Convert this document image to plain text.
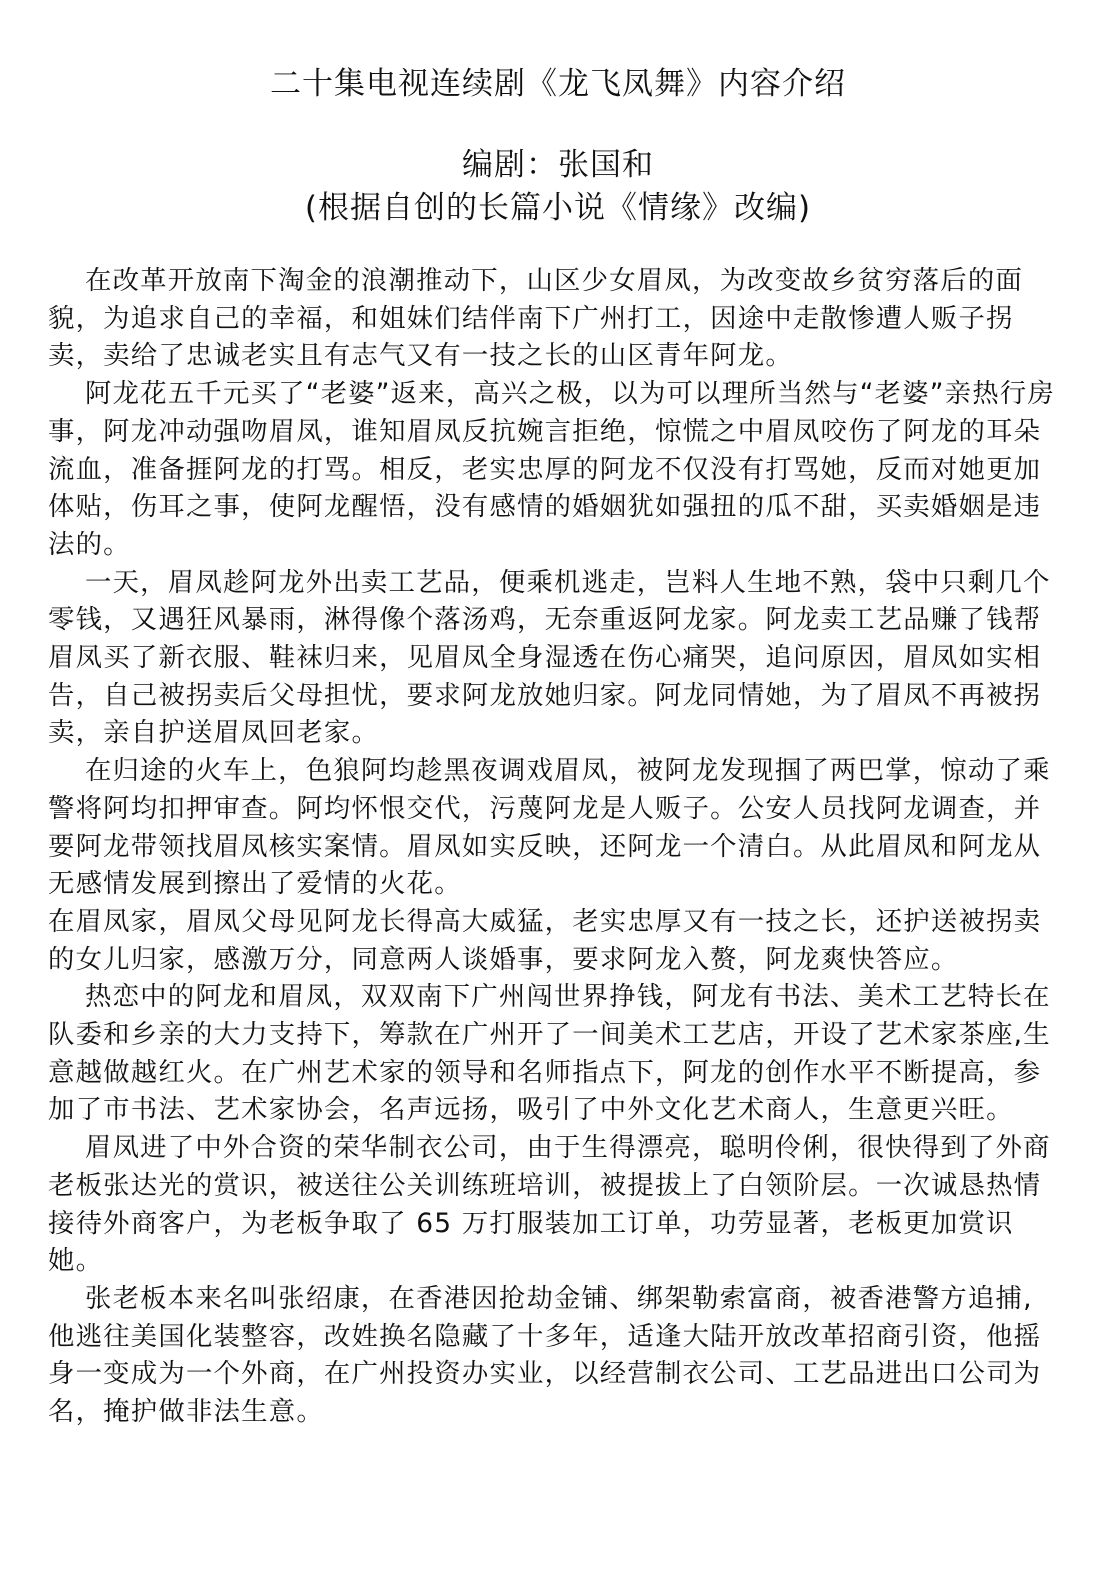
二十集电视连续剧《龙飞凤舞》内容介绍
编剧：张国和
(根据自创的长篇小说《情缘》改编)

在改革开放南下淘金的浪潮推动下，山区少女眉凤，为改变故乡贫穷落后的面貌，为追求自己的幸福，和姐妹们结伴南下广州打工，因途中走散惨遭人贩子拐卖，卖给了忠诚老实且有志气又有一技之长的山区青年阿龙。

阿龙花五千元买了“老婆”返来，高兴之极，以为可以理所当然与“老婆”亲热行房事，阿龙冲动强吻眉凤，谁知眉凤反抗婉言拒绝，惊慌之中眉凤咬伤了阿龙的耳朵流血，准备捱阿龙的打骂。相反，老实忠厚的阿龙不仅没有打骂她，反而对她更加体贴，伤耳之事，使阿龙醒悟，没有感情的婚姻犹如强扭的瓜不甜，买卖婚姻是违法的。

一天，眉凤趁阿龙外出卖工艺品，便乘机逃走，岂料人生地不熟，袋中只剩几个零钱，又遇狂风暴雨，淋得像个落汤鸡，无奈重返阿龙家。阿龙卖工艺品赚了钱帮眉凤买了新衣服、鞋袜归来，见眉凤全身湿透在伤心痛哭，追问原因，眉凤如实相告，自己被拐卖后父母担忧，要求阿龙放她归家。阿龙同情她，为了眉凤不再被拐卖，亲自护送眉凤回老家。

在归途的火车上，色狼阿均趁黑夜调戏眉凤，被阿龙发现掴了两巴掌，惊动了乘警将阿均扣押审查。阿均怀恨交代，污蔑阿龙是人贩子。公安人员找阿龙调查，并要阿龙带领找眉凤核实案情。眉凤如实反映，还阿龙一个清白。从此眉凤和阿龙从无感情发展到擦出了爱情的火花。

在眉凤家，眉凤父母见阿龙长得高大威猛，老实忠厚又有一技之长，还护送被拐卖的女儿归家，感激万分，同意两人谈婚事，要求阿龙入赘，阿龙爽快答应。

热恋中的阿龙和眉凤，双双南下广州闯世界挣钱，阿龙有书法、美术工艺特长在队委和乡亲的大力支持下，筹款在广州开了一间美术工艺店，开设了艺术家茶座,生意越做越红火。在广州艺术家的领导和名师指点下，阿龙的创作水平不断提高，参加了市书法、艺术家协会，名声远扬，吸引了中外文化艺术商人，生意更兴旺。

眉凤进了中外合资的荣华制衣公司，由于生得漂亮，聪明伶俐，很快得到了外商老板张达光的赏识，被送往公关训练班培训，被提拔上了白领阶层。一次诚恳热情接待外商客户，为老板争取了 65 万打服装加工订单，功劳显著，老板更加赏识她。

张老板本来名叫张绍康，在香港因抢劫金铺、绑架勒索富商，被香港警方追捕,他逃往美国化装整容，改姓换名隐藏了十多年，适逢大陆开放改革招商引资，他摇身一变成为一个外商，在广州投资办实业，以经营制衣公司、工艺品进出口公司为名，掩护做非法生意。
